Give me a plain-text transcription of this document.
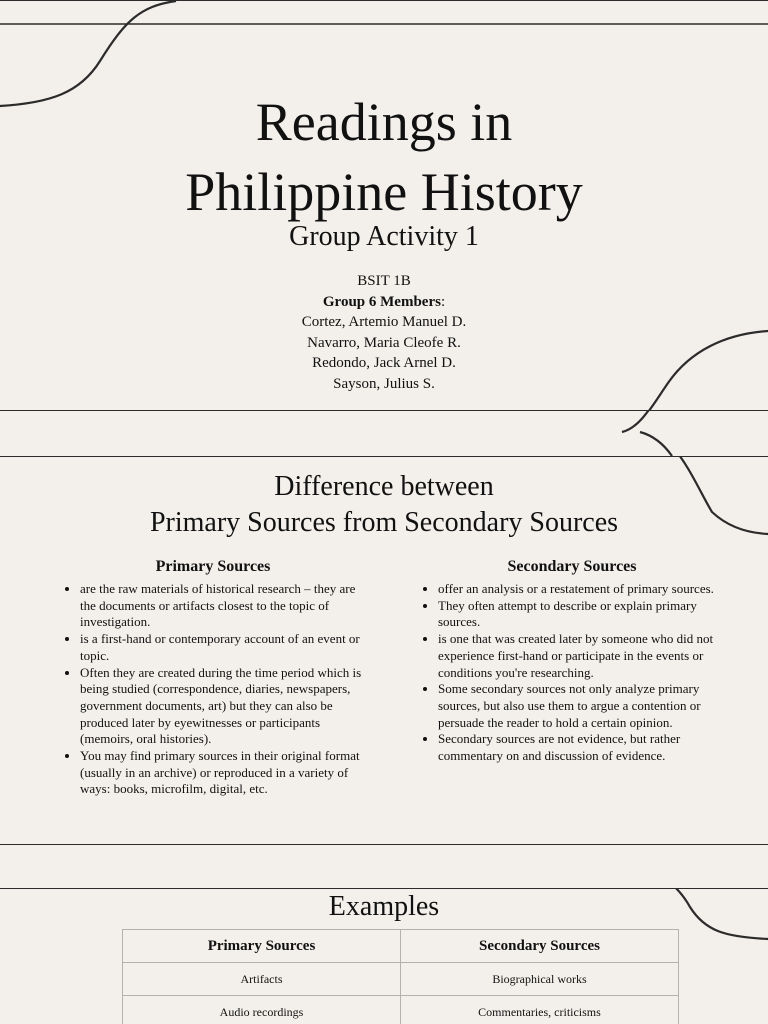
Readings in
Philippine History
Group Activity 1
BSIT 1B
Group 6 Members:
Cortez, Artemio Manuel D.
Navarro, Maria Cleofe R.
Redondo, Jack Arnel D.
Sayson, Julius S.
Difference between
Primary Sources from Secondary Sources
Primary Sources
• are the raw materials of historical research – they are the documents or artifacts closest to the topic of investigation.
• is a first-hand or contemporary account of an event or topic.
• Often they are created during the time period which is being studied (correspondence, diaries, newspapers, government documents, art) but they can also be produced later by eyewitnesses or participants (memoirs, oral histories).
• You may find primary sources in their original format (usually in an archive) or reproduced in a variety of ways: books, microfilm, digital, etc.
Secondary Sources
• offer an analysis or a restatement of primary sources.
• They often attempt to describe or explain primary sources.
• is one that was created later by someone who did not experience first-hand or participate in the events or conditions you're researching.
• Some secondary sources not only analyze primary sources, but also use them to argue a contention or persuade the reader to hold a certain opinion.
• Secondary sources are not evidence, but rather commentary on and discussion of evidence.
Examples
Primary Sources	Secondary Sources
Artifacts	Biographical works
Audio recordings	Commentaries, criticisms
